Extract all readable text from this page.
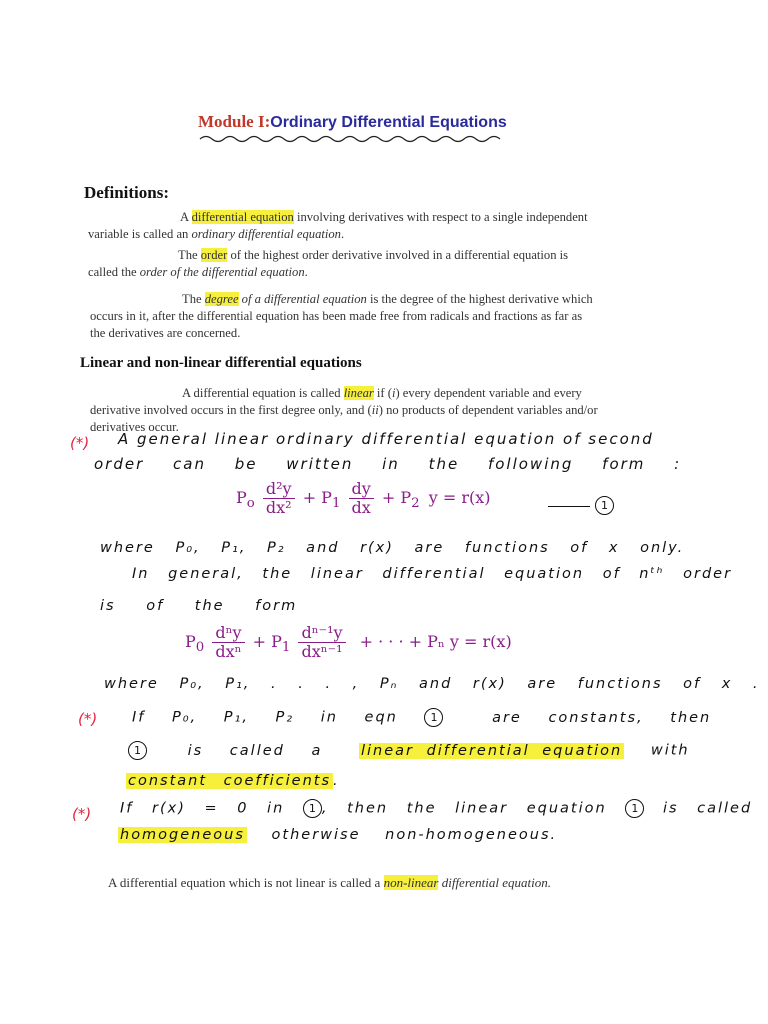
Module I:Ordinary Differential Equations
Definitions:
A differential equation involving derivatives with respect to a single independent
variable is called an ordinary differential equation.
The order of the highest order derivative involved in a differential equation is
called the order of the differential equation.
The degree of a differential equation is the degree of the highest derivative which
occurs in it, after the differential equation has been made free from radicals and fractions as far as
the derivatives are concerned.
Linear and non-linear differential equations
A differential equation is called linear if (i) every dependent variable and every
derivative involved occurs in the first degree only, and (ii) no products of dependent variables and/or
derivatives occur.
(*) A general linear ordinary differential equation of second
order can be written in the following form :
$P_o \frac{\text{d²y}}{\text{dx²}} + P_1 \frac{dy}{dx} + P_2$ y = r(x)	1
where P₀, P₁, P₂ and r(x) are functions of x only.
In general, the linear differential equation of nᵗʰ order
is of the form
$P_0 \frac{\text{dⁿy}}{\text{dxⁿ}} + P_1 \frac{\text{dⁿ⁻¹y}}{\text{dxⁿ⁻¹}}$ + · · · + Pₙ y = r(x)
where P₀, P₁, . . . , Pₙ and r(x) are functions of x .
(*) If P₀, P₁, P₂ in eqn	1	are constants, then
1	is called a	linear differential equation with
constant coefficients .
(*) If r(x) = 0 in 1 , then the linear equation 1 is called
homogeneous otherwise non-homogeneous.
A differential equation which is not linear is called a non-linear differential equation.
